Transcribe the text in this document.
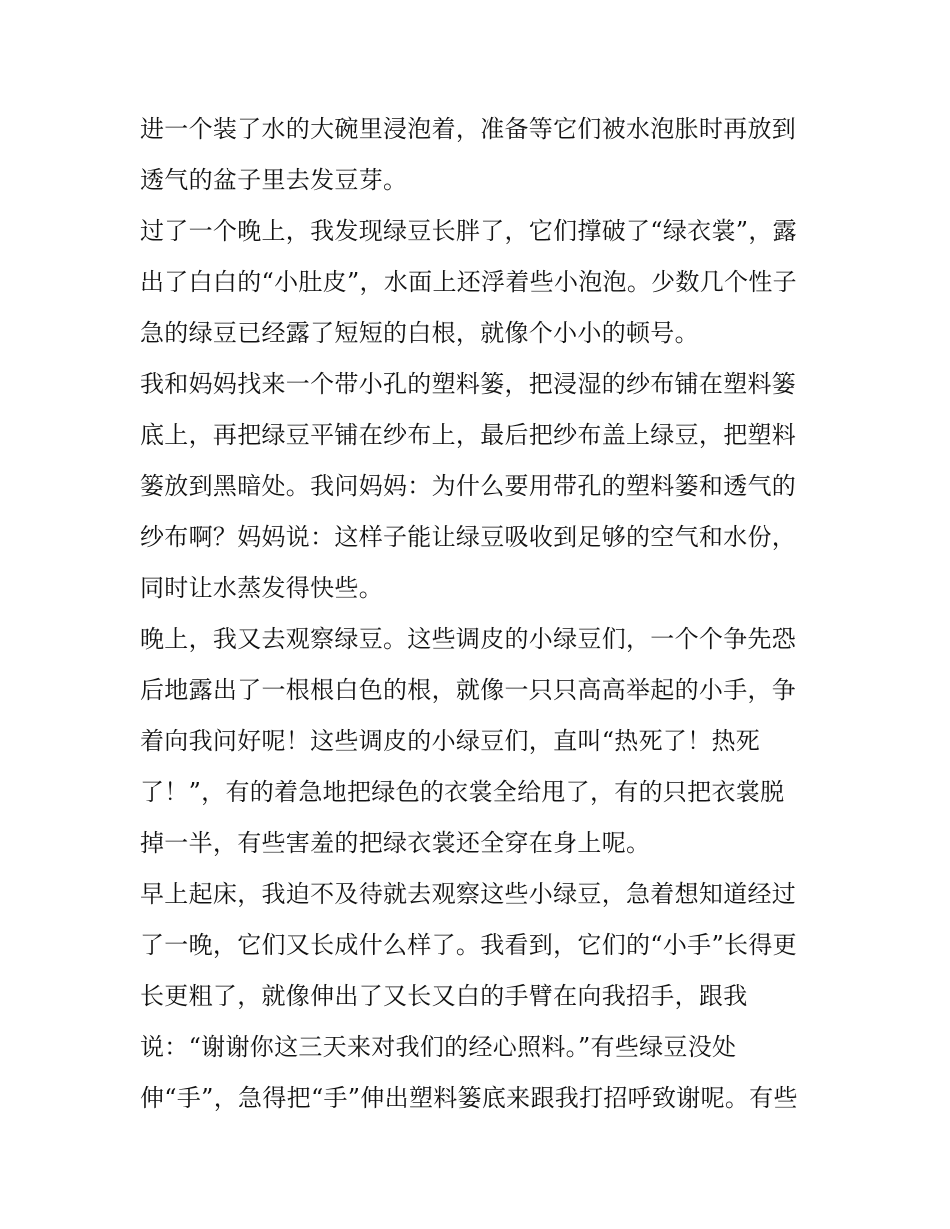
进一个装了水的大碗里浸泡着，准备等它们被水泡胀时再放到
透气的盆子里去发豆芽。
过了一个晚上，我发现绿豆长胖了，它们撑破了“绿衣裳”，露
出了白白的“小肚皮”，水面上还浮着些小泡泡。少数几个性子
急的绿豆已经露了短短的白根，就像个小小的顿号。
我和妈妈找来一个带小孔的塑料篓，把浸湿的纱布铺在塑料篓
底上，再把绿豆平铺在纱布上，最后把纱布盖上绿豆，把塑料
篓放到黑暗处。我问妈妈：为什么要用带孔的塑料篓和透气的
纱布啊？妈妈说：这样子能让绿豆吸收到足够的空气和水份，
同时让水蒸发得快些。
晚上，我又去观察绿豆。这些调皮的小绿豆们，一个个争先恐
后地露出了一根根白色的根，就像一只只高高举起的小手，争
着向我问好呢！这些调皮的小绿豆们，直叫“热死了！热死
了！”，有的着急地把绿色的衣裳全给甩了，有的只把衣裳脱
掉一半，有些害羞的把绿衣裳还全穿在身上呢。
早上起床，我迫不及待就去观察这些小绿豆，急着想知道经过
了一晚，它们又长成什么样了。我看到，它们的“小手”长得更
长更粗了，就像伸出了又长又白的手臂在向我招手，跟我
说：“谢谢你这三天来对我们的经心照料。”有些绿豆没处
伸“手”，急得把“手”伸出塑料篓底来跟我打招呼致谢呢。有些
